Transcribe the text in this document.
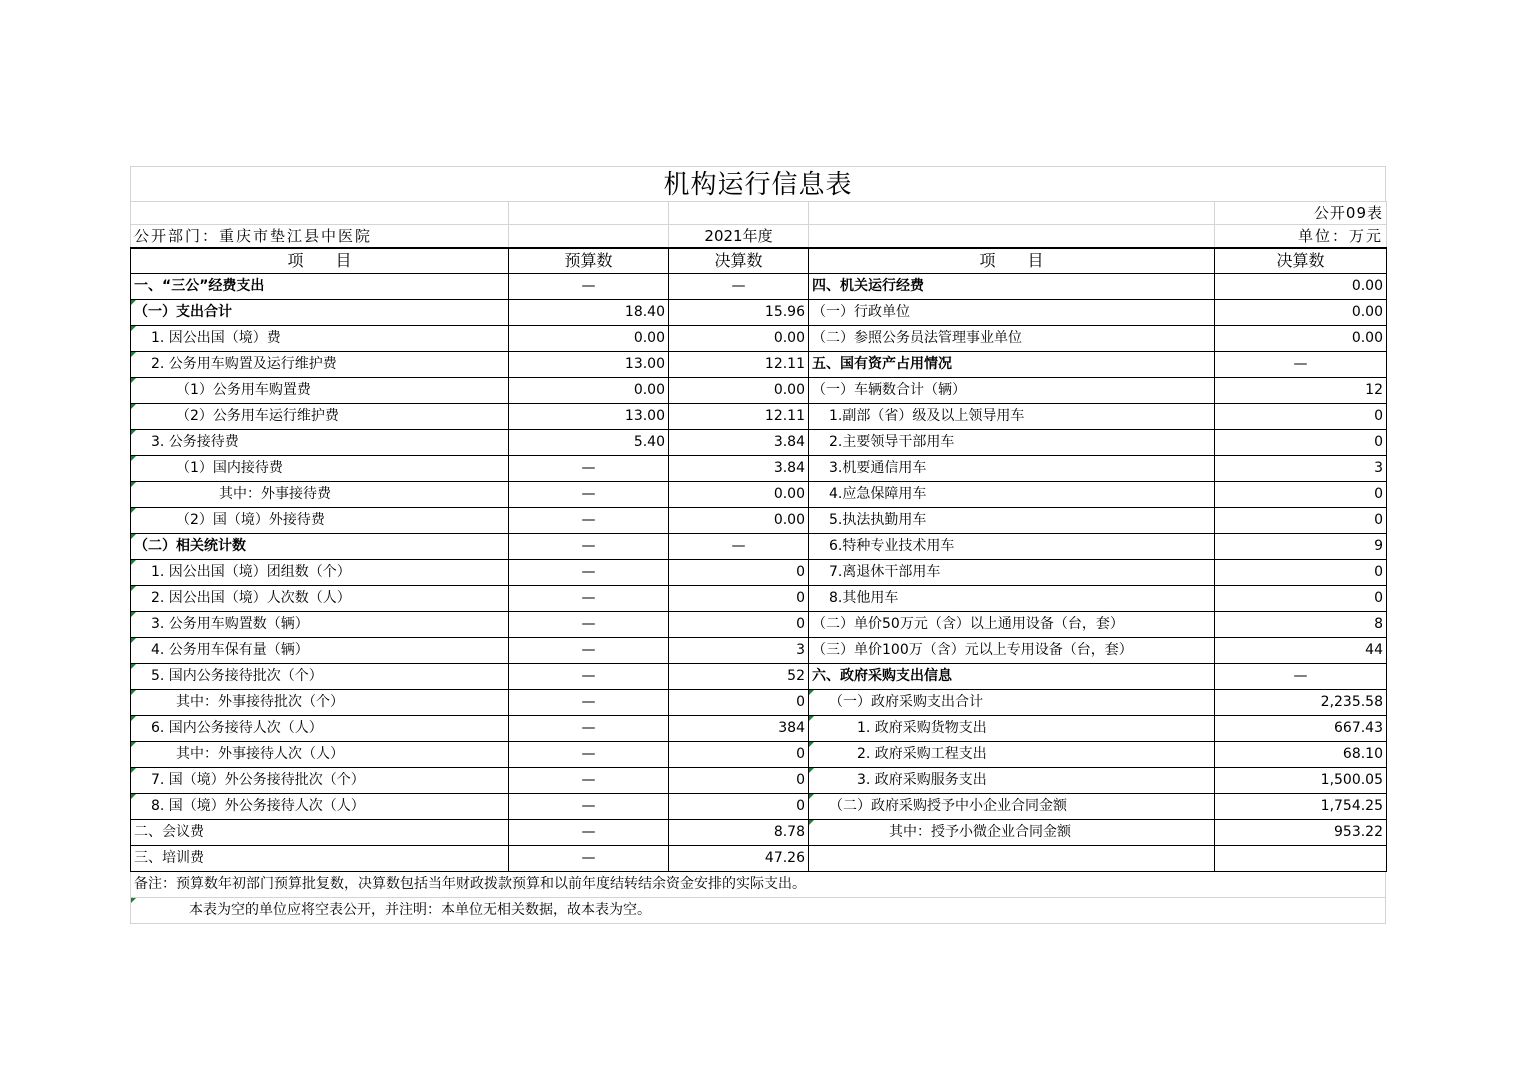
机构运行信息表
				公开09表
公开部门：重庆市垫江县中医院		2021年度		单位：万元
项　　目	预算数	决算数	项　　目	决算数
一、“三公”经费支出	—	—	四、机关运行经费	0.00
（一）支出合计	18.40	15.96	（一）行政单位	0.00
1. 因公出国（境）费	0.00	0.00	（二）参照公务员法管理事业单位	0.00
2. 公务用车购置及运行维护费	13.00	12.11	五、国有资产占用情况	—
（1）公务用车购置费	0.00	0.00	（一）车辆数合计（辆）	12
（2）公务用车运行维护费	13.00	12.11	1.副部（省）级及以上领导用车	0
3. 公务接待费	5.40	3.84	2.主要领导干部用车	0
（1）国内接待费	—	3.84	3.机要通信用车	3
其中：外事接待费	—	0.00	4.应急保障用车	0
（2）国（境）外接待费	—	0.00	5.执法执勤用车	0
（二）相关统计数	—	—	6.特种专业技术用车	9
1. 因公出国（境）团组数（个）	—	0	7.离退休干部用车	0
2. 因公出国（境）人次数（人）	—	0	8.其他用车	0
3. 公务用车购置数（辆）	—	0	（二）单价50万元（含）以上通用设备（台，套）	8
4. 公务用车保有量（辆）	—	3	（三）单价100万（含）元以上专用设备（台，套）	44
5. 国内公务接待批次（个）	—	52	六、政府采购支出信息	—
其中：外事接待批次（个）	—	0	（一）政府采购支出合计	2,235.58
6. 国内公务接待人次（人）	—	384	1. 政府采购货物支出	667.43
其中：外事接待人次（人）	—	0	2. 政府采购工程支出	68.10
7. 国（境）外公务接待批次（个）	—	0	3. 政府采购服务支出	1,500.05
8. 国（境）外公务接待人次（人）	—	0	（二）政府采购授予中小企业合同金额	1,754.25
二、会议费	—	8.78	其中：授予小微企业合同金额	953.22
三、培训费	—	47.26		
备注：预算数年初部门预算批复数，决算数包括当年财政拨款预算和以前年度结转结余资金安排的实际支出。
本表为空的单位应将空表公开，并注明：本单位无相关数据，故本表为空。
